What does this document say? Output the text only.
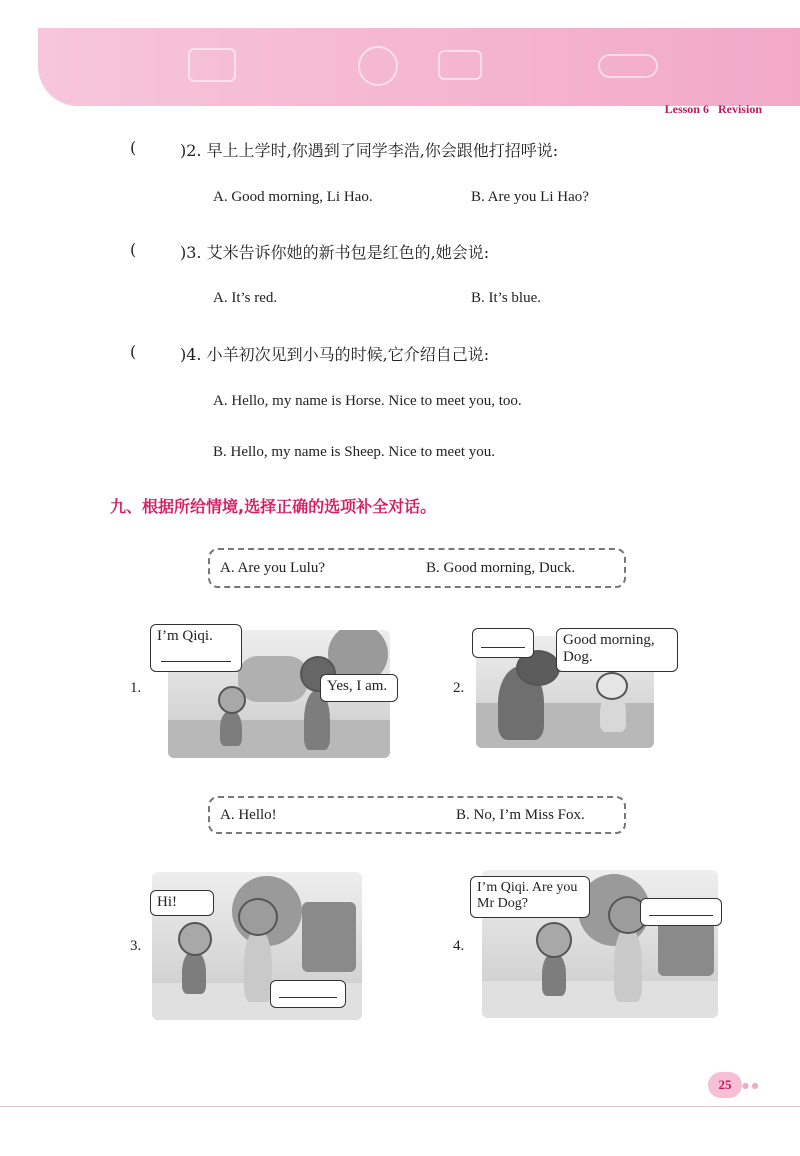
Lesson 6 Revision
(	)2. 早上上学时,你遇到了同学李浩,你会跟他打招呼说:
A. Good morning, Li Hao.	B. Are you Li Hao?
(	)3. 艾米告诉你她的新书包是红色的,她会说:
A. It’s red.	B. It’s blue.
(	)4. 小羊初次见到小马的时候,它介绍自己说:
A. Hello, my name is Horse. Nice to meet you, too.
B. Hello, my name is Sheep. Nice to meet you.
九、根据所给情境,选择正确的选项补全对话。
A. Are you Lulu?	B. Good morning, Duck.
1.
I’m Qiqi.
Yes, I am.	2.
Good morning, Dog.
A. Hello!	B. No, I’m Miss Fox.
3.
Hi!
4.
I’m Qiqi. Are you Mr Dog?
25	● ●
